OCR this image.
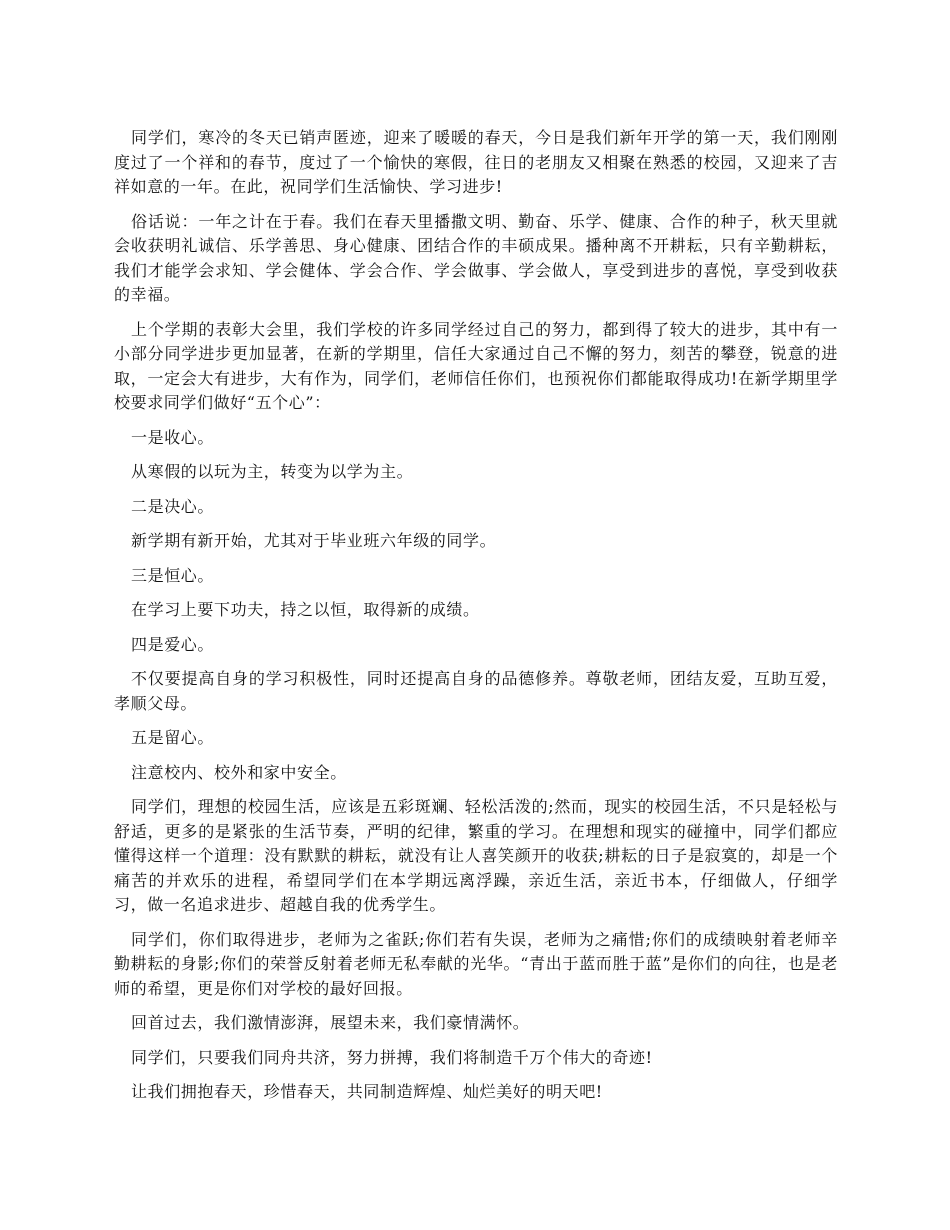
同学们，寒冷的冬天已销声匿迹，迎来了暖暖的春天，今日是我们新年开学的第一天，我们刚刚度过了一个祥和的春节，度过了一个愉快的寒假，往日的老朋友又相聚在熟悉的校园，又迎来了吉祥如意的一年。在此，祝同学们生活愉快、学习进步!

俗话说：一年之计在于春。我们在春天里播撒文明、勤奋、乐学、健康、合作的种子，秋天里就会收获明礼诚信、乐学善思、身心健康、团结合作的丰硕成果。播种离不开耕耘，只有辛勤耕耘，我们才能学会求知、学会健体、学会合作、学会做事、学会做人，享受到进步的喜悦，享受到收获的幸福。

上个学期的表彰大会里，我们学校的许多同学经过自己的努力，都到得了较大的进步，其中有一小部分同学进步更加显著，在新的学期里，信任大家通过自己不懈的努力，刻苦的攀登，锐意的进取，一定会大有进步，大有作为，同学们，老师信任你们，也预祝你们都能取得成功!在新学期里学校要求同学们做好“五个心”：

一是收心。

从寒假的以玩为主，转变为以学为主。

二是决心。

新学期有新开始，尤其对于毕业班六年级的同学。

三是恒心。

在学习上要下功夫，持之以恒，取得新的成绩。

四是爱心。

不仅要提高自身的学习积极性，同时还提高自身的品德修养。尊敬老师，团结友爱，互助互爱，孝顺父母。

五是留心。

注意校内、校外和家中安全。

同学们，理想的校园生活，应该是五彩斑斓、轻松活泼的;然而，现实的校园生活，不只是轻松与舒适，更多的是紧张的生活节奏，严明的纪律，繁重的学习。在理想和现实的碰撞中，同学们都应懂得这样一个道理：没有默默的耕耘，就没有让人喜笑颜开的收获;耕耘的日子是寂寞的，却是一个痛苦的并欢乐的进程，希望同学们在本学期远离浮躁，亲近生活，亲近书本，仔细做人，仔细学习，做一名追求进步、超越自我的优秀学生。

同学们，你们取得进步，老师为之雀跃;你们若有失误，老师为之痛惜;你们的成绩映射着老师辛勤耕耘的身影;你们的荣誉反射着老师无私奉献的光华。“青出于蓝而胜于蓝”是你们的向往，也是老师的希望，更是你们对学校的最好回报。

回首过去，我们激情澎湃，展望未来，我们豪情满怀。

同学们，只要我们同舟共济，努力拼搏，我们将制造千万个伟大的奇迹!

让我们拥抱春天，珍惜春天，共同制造辉煌、灿烂美好的明天吧!
